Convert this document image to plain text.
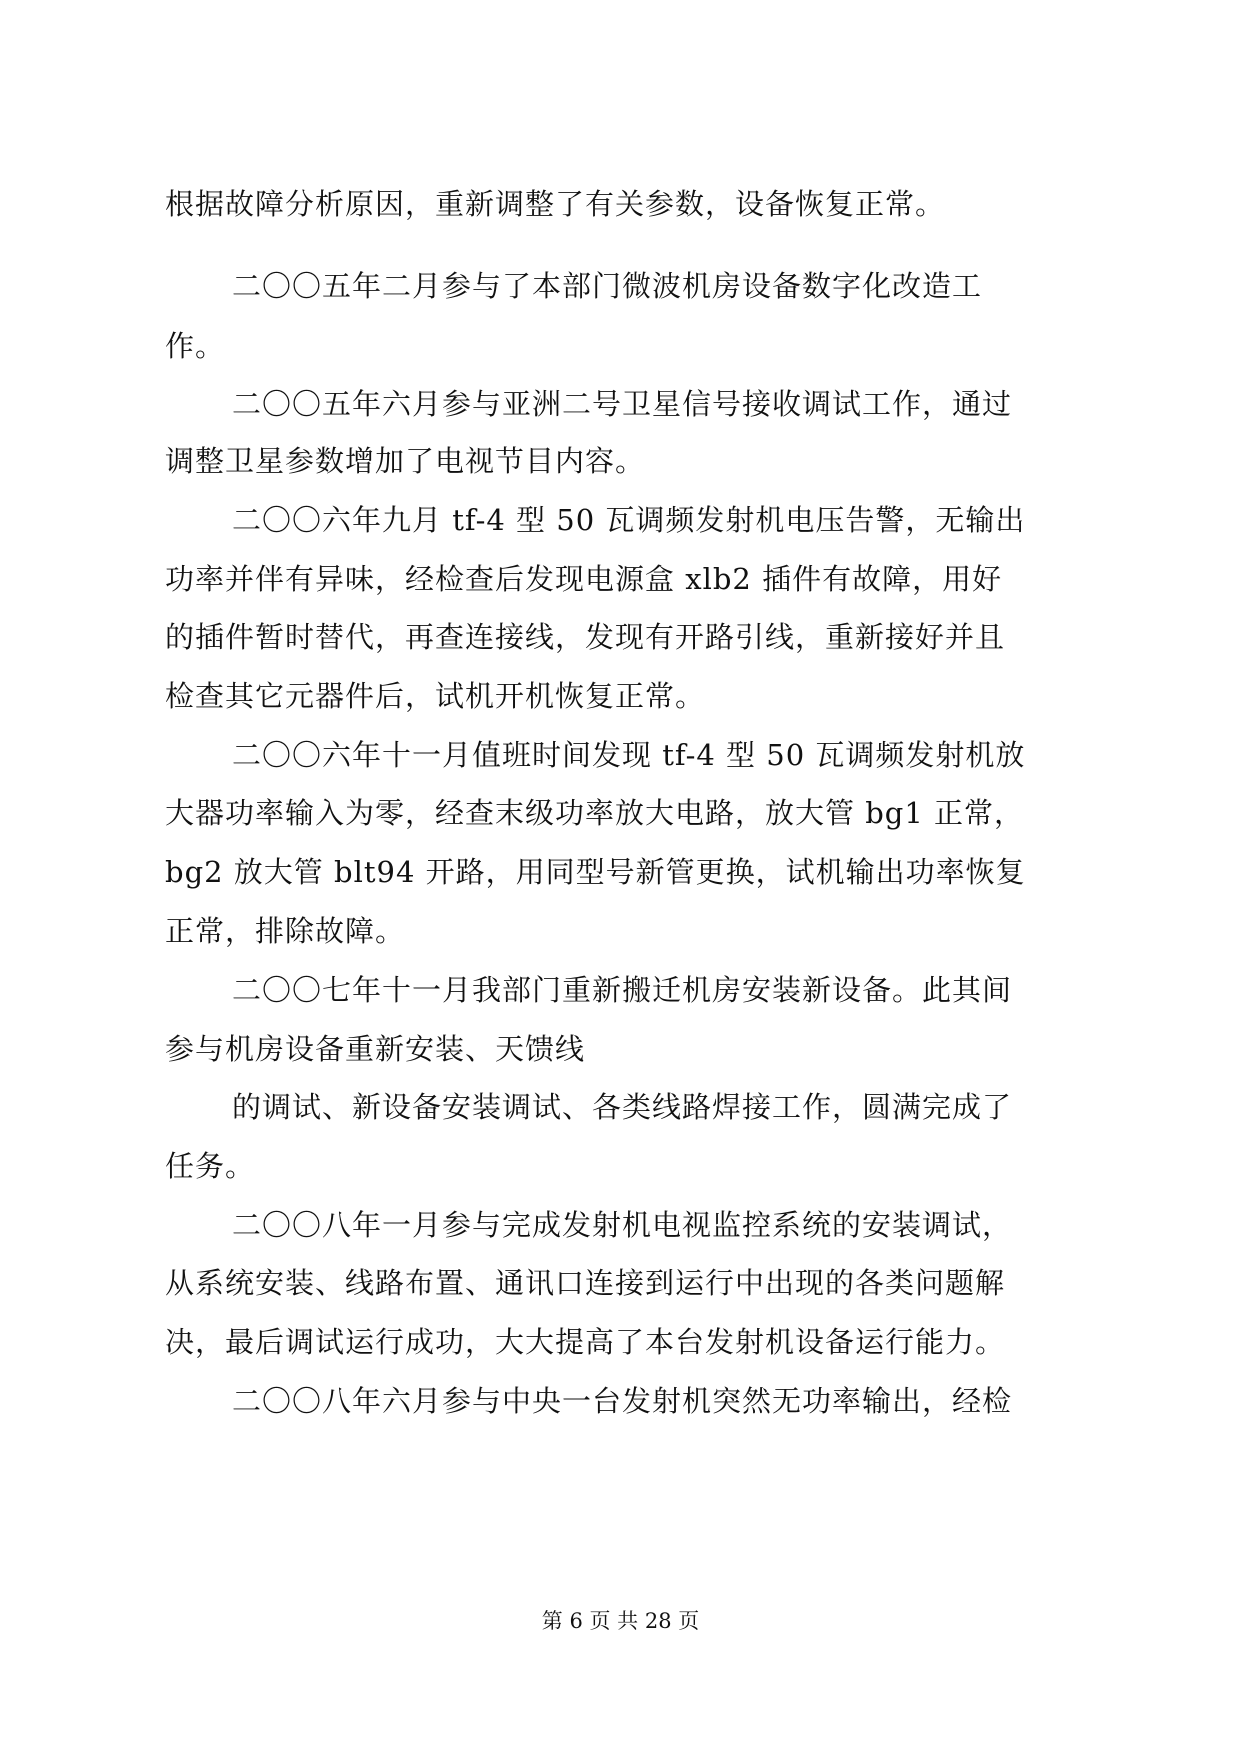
根据故障分析原因，重新调整了有关参数，设备恢复正常。
二〇〇五年二月参与了本部门微波机房设备数字化改造工
作。
二〇〇五年六月参与亚洲二号卫星信号接收调试工作，通过
调整卫星参数增加了电视节目内容。
二〇〇六年九月 tf-4 型 50 瓦调频发射机电压告警，无输出
功率并伴有异味，经检查后发现电源盒 xlb2 插件有故障，用好
的插件暂时替代，再查连接线，发现有开路引线，重新接好并且
检查其它元器件后，试机开机恢复正常。
二〇〇六年十一月值班时间发现 tf-4 型 50 瓦调频发射机放
大器功率输入为零，经查末级功率放大电路，放大管 bg1 正常，
bg2 放大管 blt94 开路，用同型号新管更换，试机输出功率恢复
正常，排除故障。
二〇〇七年十一月我部门重新搬迁机房安装新设备。此其间
参与机房设备重新安装、天馈线
的调试、新设备安装调试、各类线路焊接工作，圆满完成了
任务。
二〇〇八年一月参与完成发射机电视监控系统的安装调试，
从系统安装、线路布置、通讯口连接到运行中出现的各类问题解
决，最后调试运行成功，大大提高了本台发射机设备运行能力。
二〇〇八年六月参与中央一台发射机突然无功率输出，经检
第 6 页 共 28 页
